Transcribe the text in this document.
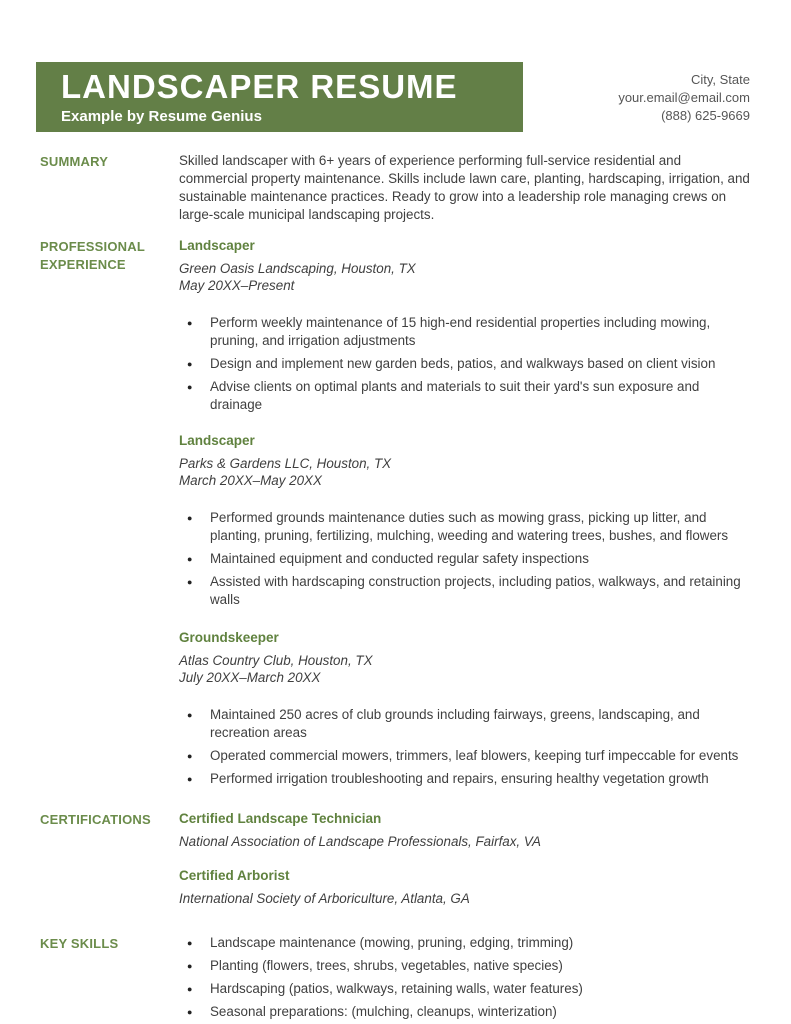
LANDSCAPER RESUME
Example by Resume Genius
City, State
your.email@email.com
(888) 625-9669
SUMMARY	Skilled landscaper with 6+ years of experience performing full-service residential and commercial property maintenance. Skills include lawn care, planting, hardscaping, irrigation, and sustainable maintenance practices. Ready to grow into a leadership role managing crews on large-scale municipal landscaping projects.

PROFESSIONAL EXPERIENCE
Landscaper
Green Oasis Landscaping, Houston, TX
May 20XX–Present
● Perform weekly maintenance of 15 high-end residential properties including mowing, pruning, and irrigation adjustments
● Design and implement new garden beds, patios, and walkways based on client vision
● Advise clients on optimal plants and materials to suit their yard's sun exposure and drainage
Landscaper
Parks & Gardens LLC, Houston, TX
March 20XX–May 20XX
● Performed grounds maintenance duties such as mowing grass, picking up litter, and planting, pruning, fertilizing, mulching, weeding and watering trees, bushes, and flowers
● Maintained equipment and conducted regular safety inspections
● Assisted with hardscaping construction projects, including patios, walkways, and retaining walls
Groundskeeper
Atlas Country Club, Houston, TX
July 20XX–March 20XX
● Maintained 250 acres of club grounds including fairways, greens, landscaping, and recreation areas
● Operated commercial mowers, trimmers, leaf blowers, keeping turf impeccable for events
● Performed irrigation troubleshooting and repairs, ensuring healthy vegetation growth
CERTIFICATIONS	Certified Landscape Technician
National Association of Landscape Professionals, Fairfax, VA
Certified Arborist
International Society of Arboriculture, Atlanta, GA
KEY SKILLS	● Landscape maintenance (mowing, pruning, edging, trimming)
● Planting (flowers, trees, shrubs, vegetables, native species)
● Hardscaping (patios, walkways, retaining walls, water features)
● Seasonal preparations: (mulching, cleanups, winterization)
